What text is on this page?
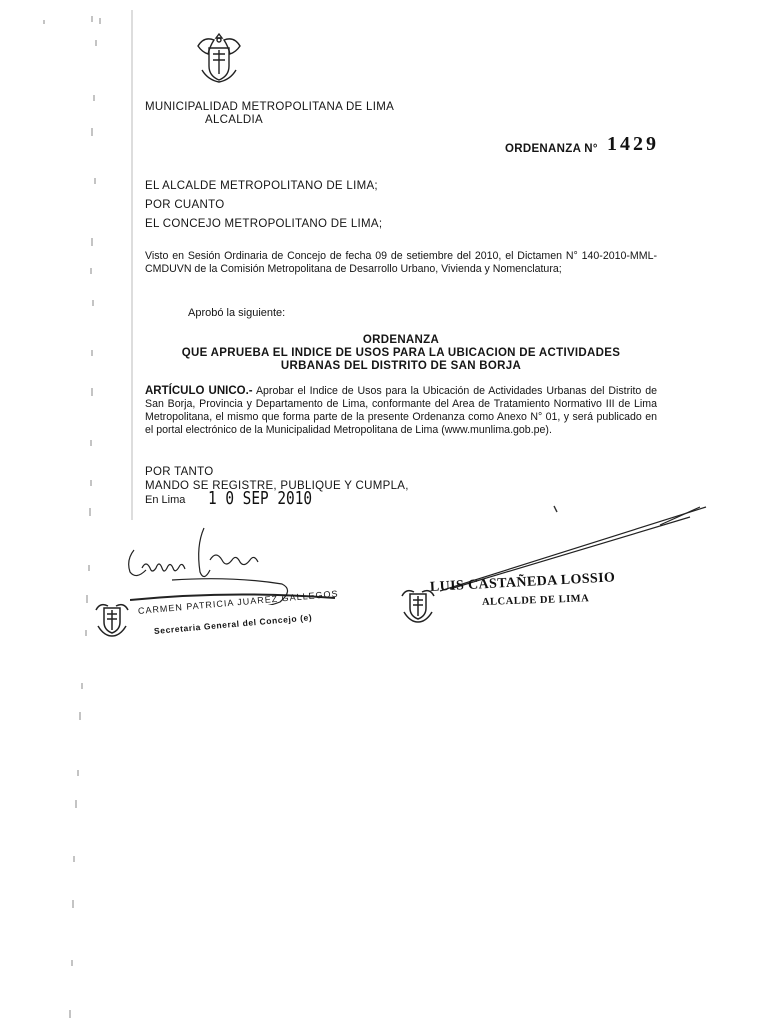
MUNICIPALIDAD METROPOLITANA DE LIMA
ALCALDIA
ORDENANZA N° 1429
EL ALCALDE METROPOLITANO DE LIMA;
POR CUANTO
EL CONCEJO METROPOLITANO DE LIMA;
Visto en Sesión Ordinaria de Concejo de fecha 09 de setiembre del 2010, el Dictamen N° 140-2010-MML-CMDUVN de la Comisión Metropolitana de Desarrollo Urbano, Vivienda y Nomenclatura;
Aprobó la siguiente:
ORDENANZA
QUE APRUEBA EL INDICE DE USOS PARA LA UBICACION DE ACTIVIDADES
URBANAS DEL DISTRITO DE SAN BORJA
ARTÍCULO UNICO.- Aprobar el Indice de Usos para la Ubicación de Actividades Urbanas del Distrito de San Borja, Provincia y Departamento de Lima, conformante del Area de Tratamiento Normativo III de Lima Metropolitana, el mismo que forma parte de la presente Ordenanza como Anexo N° 01, y será publicado en el portal electrónico de la Municipalidad Metropolitana de Lima (www.munlima.gob.pe).
POR TANTO
MANDO SE REGISTRE, PUBLIQUE Y CUMPLA,
En Lima 1 0 SEP 2010
CARMEN PATRICIA JUAREZ GALLEGOS
Secretaria General del Concejo (e)
LUIS CASTAÑEDA LOSSIO
ALCALDE DE LIMA
